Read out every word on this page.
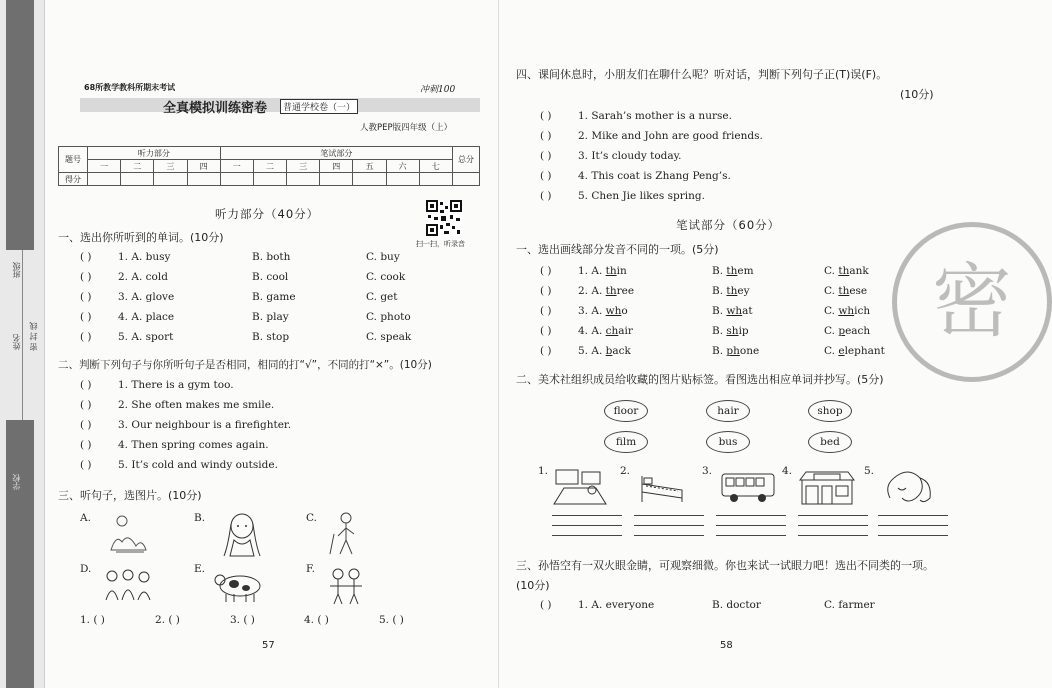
班级
姓名 密 封 线
学校
68所教学教科所期末考试	冲刺100
全真模拟训练密卷	普通学校卷（一）
人教PEP版四年级（上）
题号	听力部分				笔试部分							总分
	一	二	三	四	一	二	三	四	五	六	七	
得分												
听力部分（40分）
扫一扫，听录音
一、选出你所听到的单词。(10分)
( )	1. A. busy	B. both	C. buy
( )	2. A. cold	B. cool	C. cook
( )	3. A. glove	B. game	C. get
( )	4. A. place	B. play	C. photo
( )	5. A. sport	B. stop	C. speak
二、判断下列句子与你所听句子是否相同，相同的打“√”，不同的打“×”。(10分)
( )	1. There is a gym too.
( )	2. She often makes me smile.
( )	3. Our neighbour is a firefighter.
( )	4. Then spring comes again.
( )	5. It’s cold and windy outside.
三、听句子，选图片。(10分)
A.	B.	C.
D.	E.	F.
1. ( )	2. ( )	3. ( )	4. ( )	5. ( )
57
密
四、课间休息时，小朋友们在聊什么呢？听对话，判断下列句子正(T)误(F)。
(10分)
( )	1. Sarah’s mother is a nurse.
( )	2. Mike and John are good friends.
( )	3. It’s cloudy today.
( )	4. This coat is Zhang Peng’s.
( )	5. Chen Jie likes spring.
笔试部分（60分）
一、选出画线部分发音不同的一项。(5分)
( )	1. A. thin	B. them	C. thank
( )	2. A. three	B. they	C. these
( )	3. A. who	B. what	C. which
( )	4. A. chair	B. ship	C. peach
( )	5. A. back	B. phone	C. elephant
二、美术社组织成员给收藏的图片贴标签。看图选出相应单词并抄写。(5分)
floor	hair	shop
film	bus	bed
1.	2.	3.	4.	5.
三、孙悟空有一双火眼金睛，可观察细微。你也来试一试眼力吧！选出不同类的一项。(10分)
( )	1. A. everyone	B. doctor	C. farmer
58
